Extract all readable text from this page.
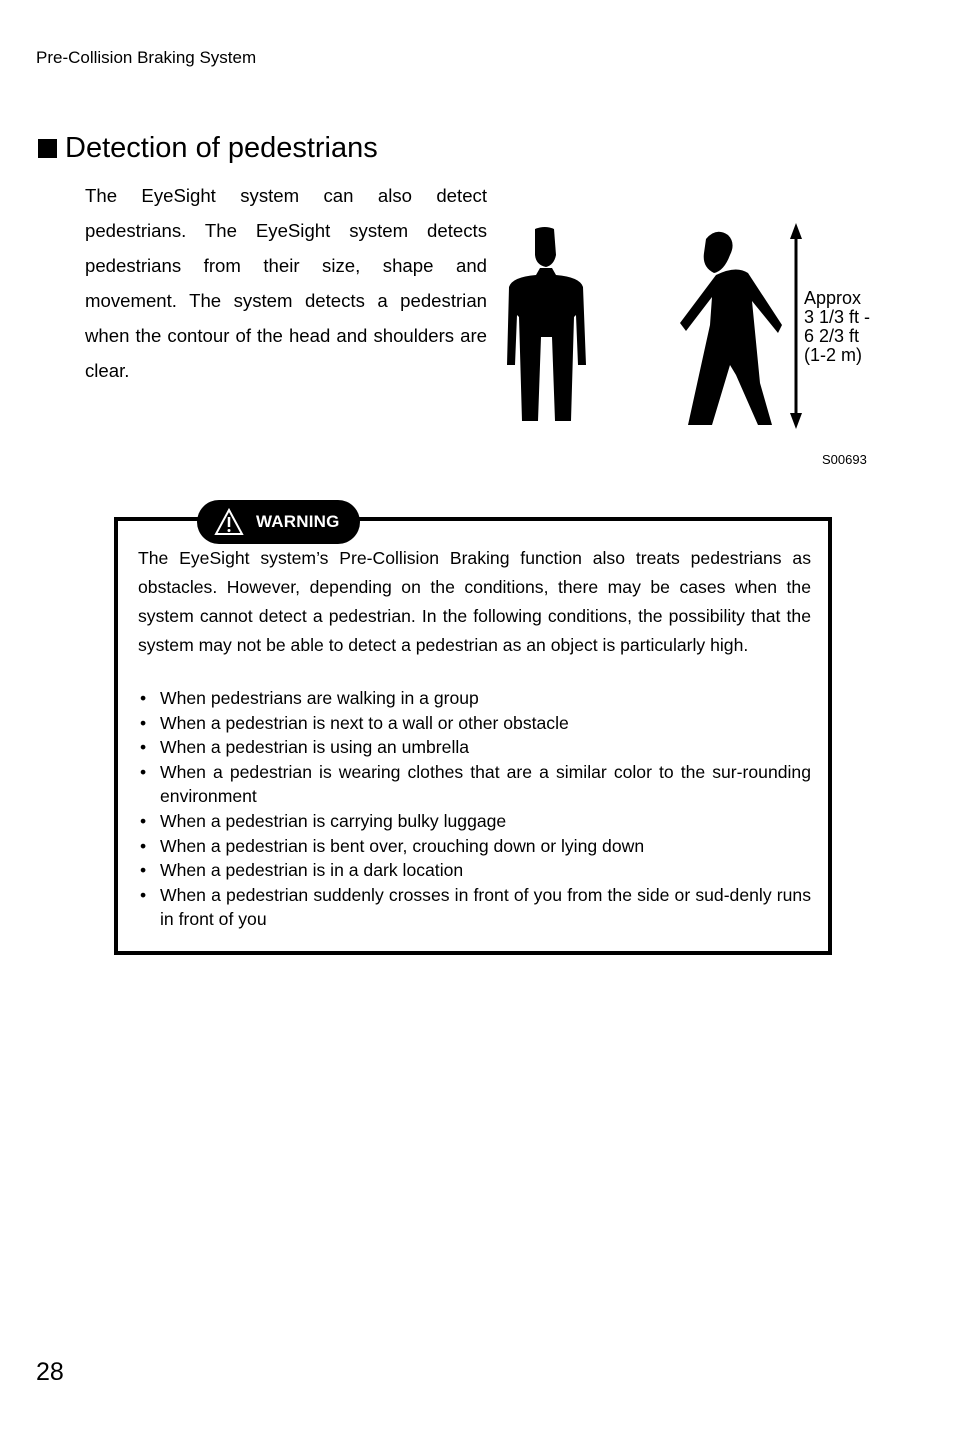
Pre-Collision Braking System
Detection of pedestrians
The EyeSight system can also detect pedestrians. The EyeSight system detects pedestrians from their size, shape and movement. The system detects a pedestrian when the contour of the head and shoulders are clear.
Approx
3 1/3 ft -
6 2/3 ft
(1-2 m)
S00693
WARNING
The EyeSight system’s Pre-Collision Braking function also treats pedestrians as obstacles. However, depending on the conditions, there may be cases when the system cannot detect a pedestrian. In the following conditions, the possibility that the system may not be able to detect a pedestrian as an object is particularly high.
• When pedestrians are walking in a group
• When a pedestrian is next to a wall or other obstacle
• When a pedestrian is using an umbrella
• When a pedestrian is wearing clothes that are a similar color to the sur-rounding environment
• When a pedestrian is carrying bulky luggage
• When a pedestrian is bent over, crouching down or lying down
• When a pedestrian is in a dark location
• When a pedestrian suddenly crosses in front of you from the side or sud-denly runs in front of you
28
